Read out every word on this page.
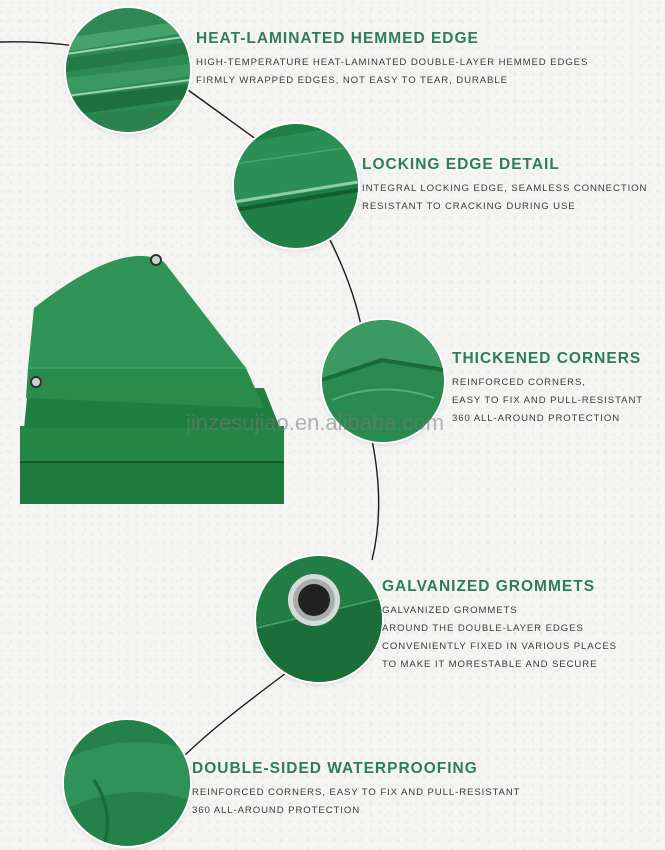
jinzesujiao.en.alibaba.com
HEAT-LAMINATED HEMMED EDGE
HIGH-TEMPERATURE HEAT-LAMINATED DOUBLE-LAYER HEMMED EDGES
FIRMLY WRAPPED EDGES, NOT EASY TO TEAR, DURABLE
LOCKING EDGE DETAIL
INTEGRAL LOCKING EDGE, SEAMLESS CONNECTION
RESISTANT TO CRACKING DURING USE
THICKENED CORNERS
REINFORCED CORNERS,
EASY TO FIX AND PULL-RESISTANT
360 ALL-AROUND PROTECTION
GALVANIZED GROMMETS
GALVANIZED GROMMETS
AROUND THE DOUBLE-LAYER EDGES
CONVENIENTLY FIXED IN VARIOUS PLACES
TO MAKE IT MORESTABLE AND SECURE
DOUBLE-SIDED WATERPROOFING
REINFORCED CORNERS, EASY TO FIX AND PULL-RESISTANT
360 ALL-AROUND PROTECTION
